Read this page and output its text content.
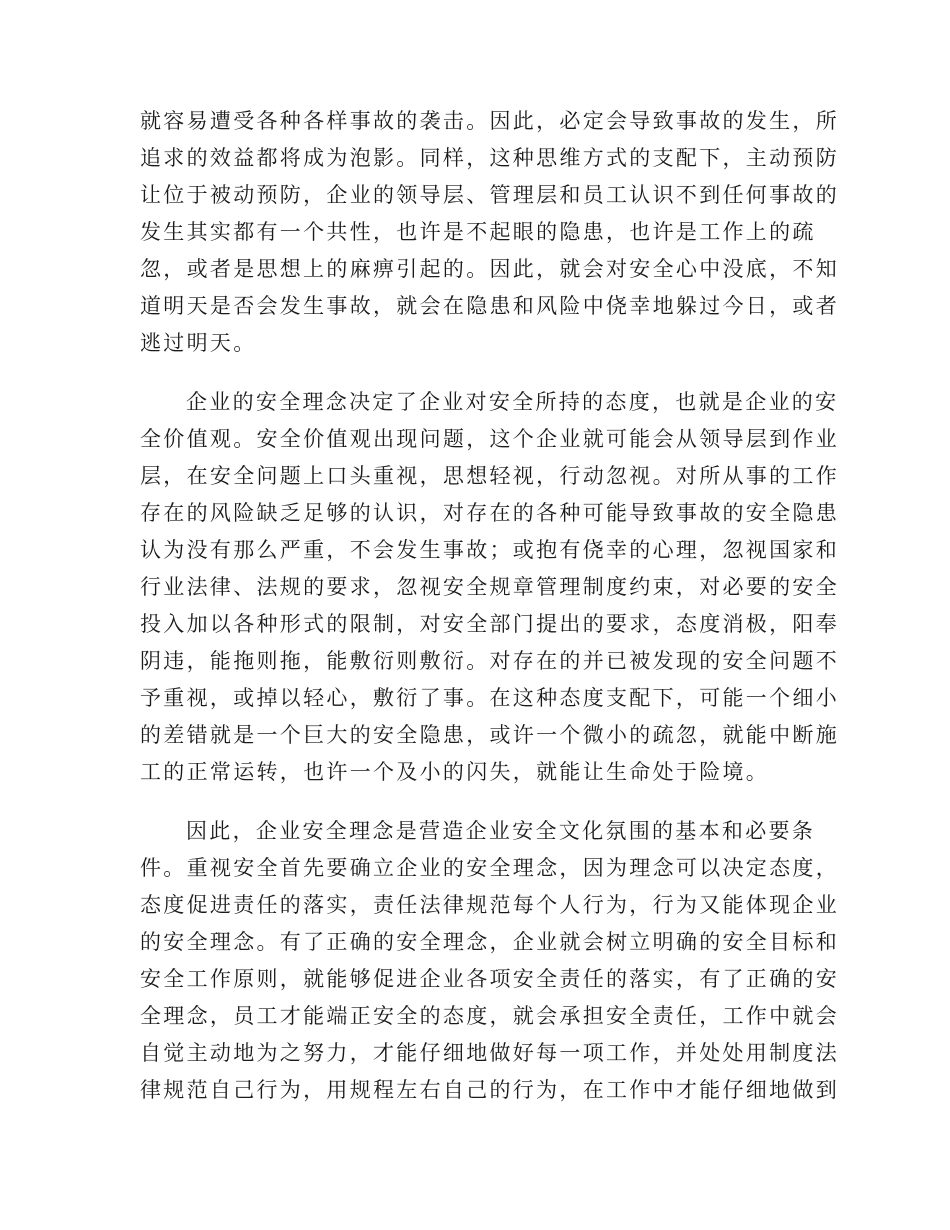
就容易遭受各种各样事故的袭击。因此，必定会导致事故的发生，所
追求的效益都将成为泡影。同样，这种思维方式的支配下，主动预防
让位于被动预防，企业的领导层、管理层和员工认识不到任何事故的
发生其实都有一个共性，也许是不起眼的隐患，也许是工作上的疏
忽，或者是思想上的麻痹引起的。因此，就会对安全心中没底，不知
道明天是否会发生事故，就会在隐患和风险中侥幸地躲过今日，或者
逃过明天。
企业的安全理念决定了企业对安全所持的态度，也就是企业的安
全价值观。安全价值观出现问题，这个企业就可能会从领导层到作业
层，在安全问题上口头重视，思想轻视，行动忽视。对所从事的工作
存在的风险缺乏足够的认识，对存在的各种可能导致事故的安全隐患
认为没有那么严重，不会发生事故；或抱有侥幸的心理，忽视国家和
行业法律、法规的要求，忽视安全规章管理制度约束，对必要的安全
投入加以各种形式的限制，对安全部门提出的要求，态度消极，阳奉
阴违，能拖则拖，能敷衍则敷衍。对存在的并已被发现的安全问题不
予重视，或掉以轻心，敷衍了事。在这种态度支配下，可能一个细小
的差错就是一个巨大的安全隐患，或许一个微小的疏忽，就能中断施
工的正常运转，也许一个及小的闪失，就能让生命处于险境。
因此，企业安全理念是营造企业安全文化氛围的基本和必要条
件。重视安全首先要确立企业的安全理念，因为理念可以决定态度，
态度促进责任的落实，责任法律规范每个人行为，行为又能体现企业
的安全理念。有了正确的安全理念，企业就会树立明确的安全目标和
安全工作原则，就能够促进企业各项安全责任的落实，有了正确的安
全理念，员工才能端正安全的态度，就会承担安全责任，工作中就会
自觉主动地为之努力，才能仔细地做好每一项工作，并处处用制度法
律规范自己行为，用规程左右自己的行为，在工作中才能仔细地做到
